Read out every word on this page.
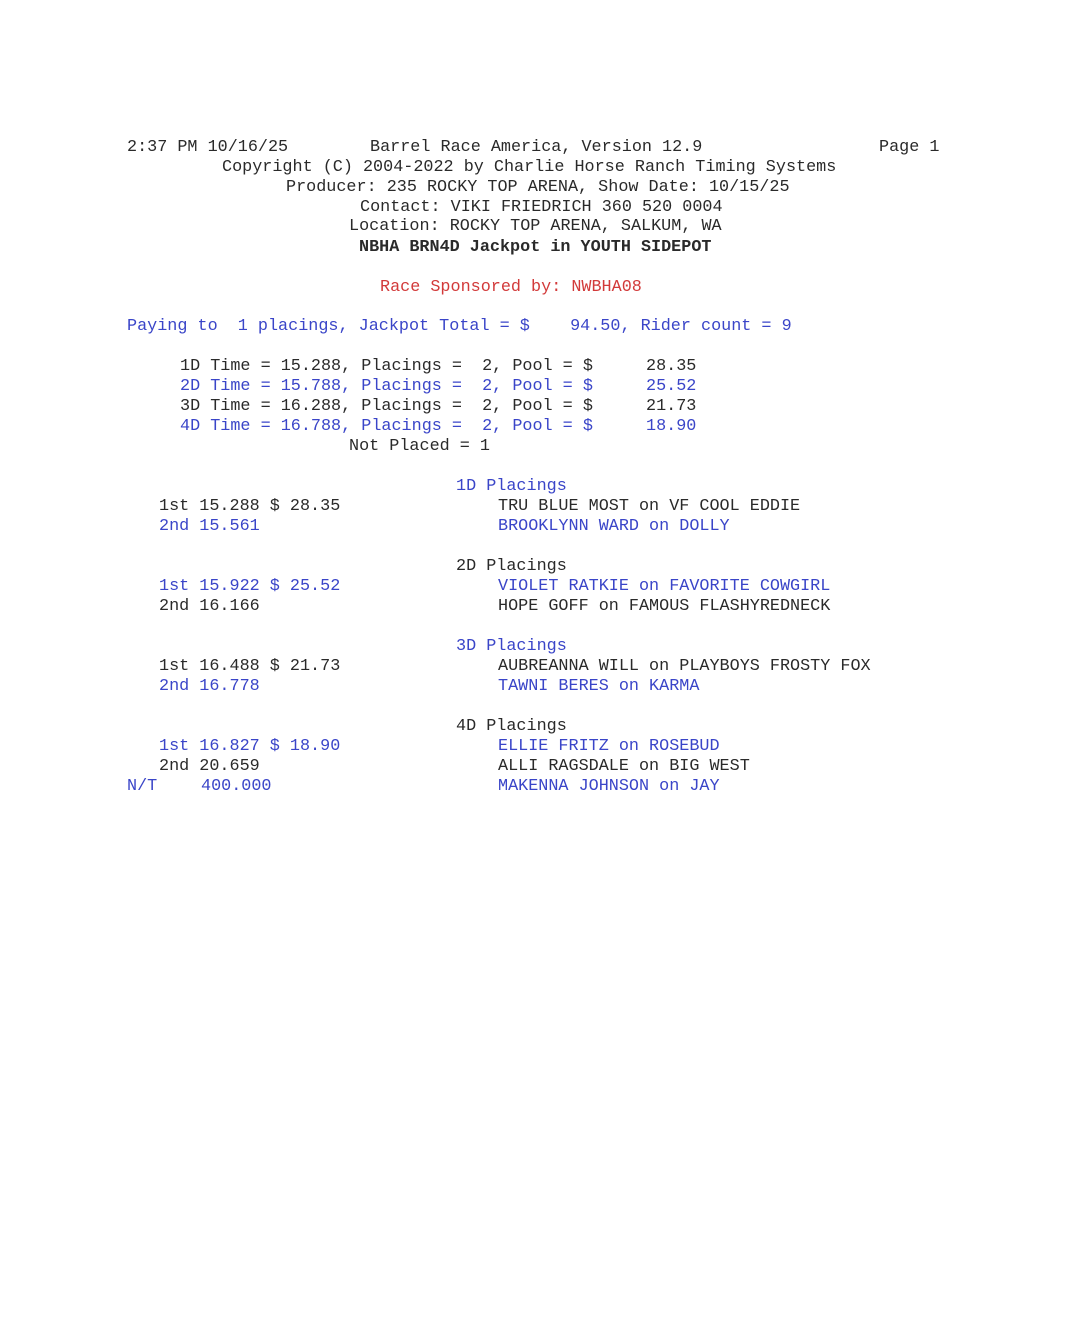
2:37 PM 10/16/25	Barrel Race America, Version 12.9	Page 1
Copyright (C) 2004-2022 by Charlie Horse Ranch Timing Systems
Producer: 235 ROCKY TOP ARENA, Show Date: 10/15/25
Contact: VIKI FRIEDRICH 360 520 0004
Location: ROCKY TOP ARENA, SALKUM, WA
NBHA BRN4D Jackpot in YOUTH SIDEPOT
Race Sponsored by: NWBHA08
Paying to  1 placings, Jackpot Total = $    94.50, Rider count = 9
1D Time = 15.288, Placings =  2, Pool = $	28.35
2D Time = 15.788, Placings =  2, Pool = $	25.52
3D Time = 16.288, Placings =  2, Pool = $	21.73
4D Time = 16.788, Placings =  2, Pool = $	18.90
Not Placed = 1
1D Placings
1st 15.288 $ 28.35	TRU BLUE MOST on VF COOL EDDIE
2nd 15.561	BROOKLYNN WARD on DOLLY
2D Placings
1st 15.922 $ 25.52	VIOLET RATKIE on FAVORITE COWGIRL
2nd 16.166	HOPE GOFF on FAMOUS FLASHYREDNECK
3D Placings
1st 16.488 $ 21.73	AUBREANNA WILL on PLAYBOYS FROSTY FOX
2nd 16.778	TAWNI BERES on KARMA
4D Placings
1st 16.827 $ 18.90	ELLIE FRITZ on ROSEBUD
2nd 20.659	ALLI RAGSDALE on BIG WEST
N/T	400.000	MAKENNA JOHNSON on JAY
